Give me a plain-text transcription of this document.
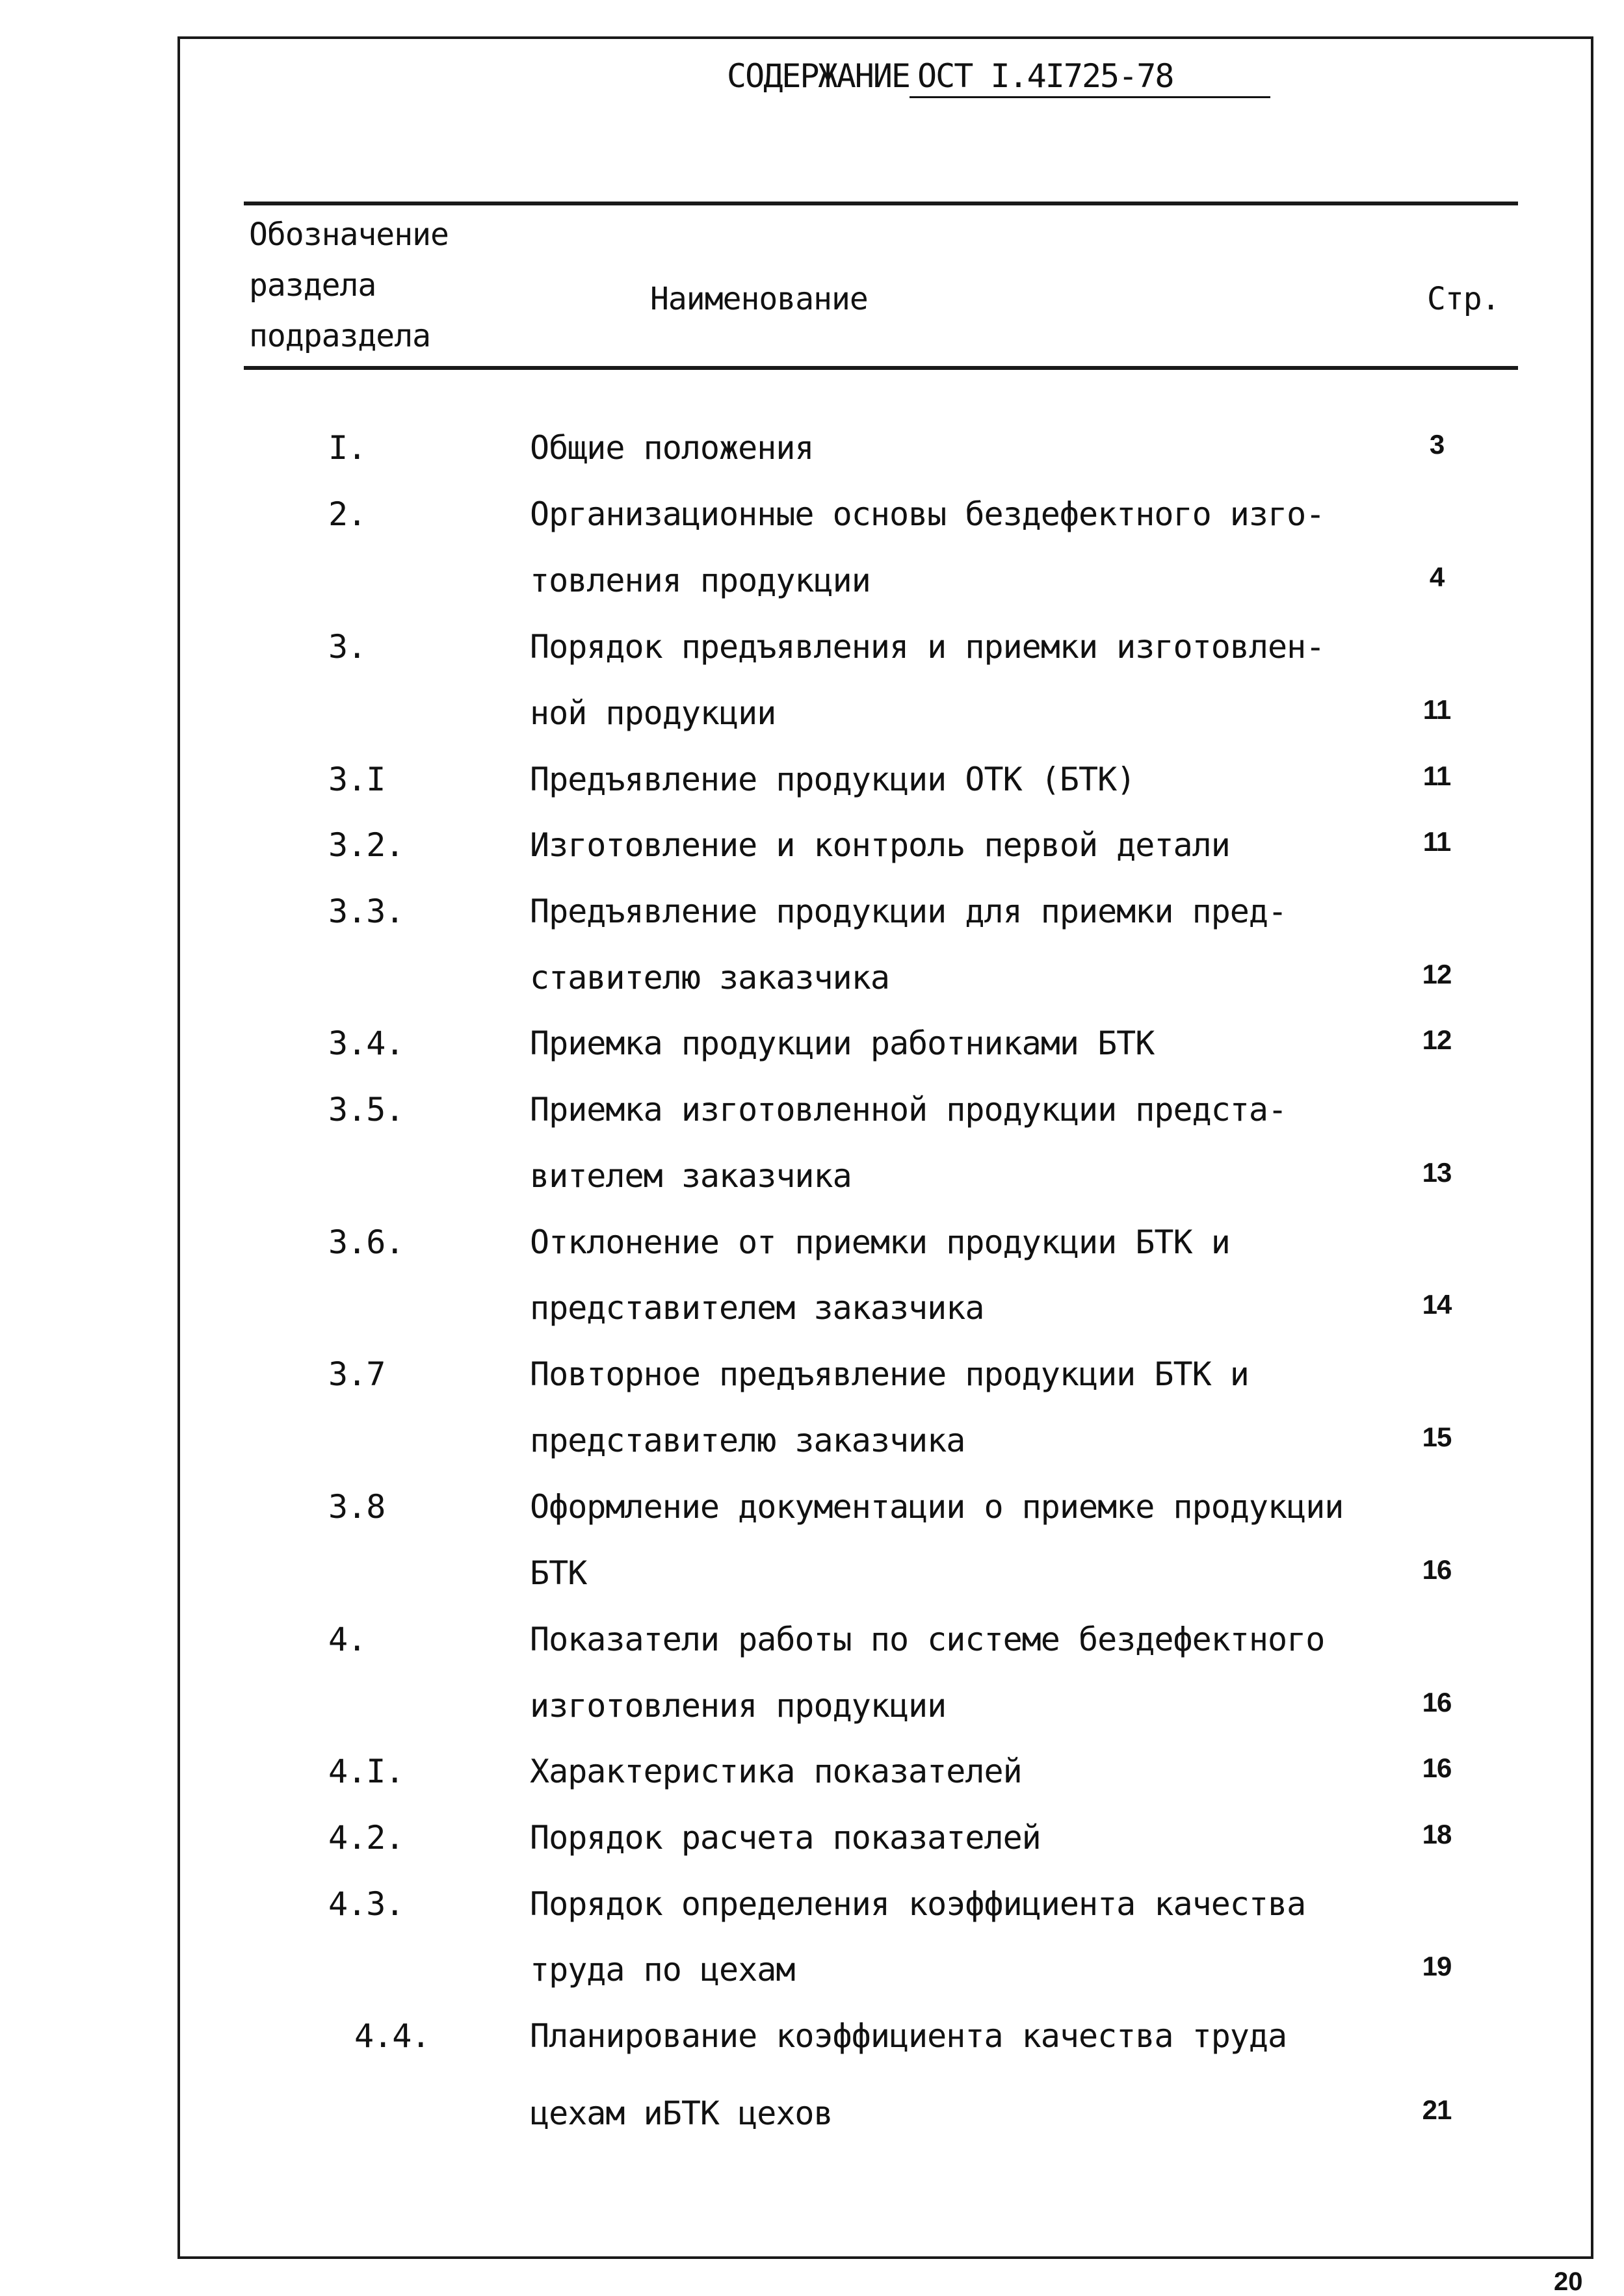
СОДЕРЖАНИЕ ОСТ I.4I725-78
Обозначение
раздела
подраздела
Наименование	Стр.
I.	Общие положения	3
2.	Организационные основы бездефектного изго-
товления продукции	4
3.	Порядок предъявления и приемки изготовлен-
ной продукции	11
3.I	Предъявление продукции ОТК (БТК)	11
3.2.	Изготовление и контроль первой детали	11
3.3.	Предъявление продукции для приемки пред-
ставителю заказчика	12
3.4.	Приемка продукции работниками БТК	12
3.5.	Приемка изготовленной продукции предста-
вителем заказчика	13
3.6.	Отклонение от приемки продукции БТК и
представителем заказчика	14
3.7	Повторное предъявление продукции БТК и
представителю заказчика	15
3.8	Оформление документации о приемке продукции
БТК	16
4.	Показатели работы по системе бездефектного
изготовления продукции	16
4.I.	Характеристика показателей	16
4.2.	Порядок расчета показателей	18
4.3.	Порядок определения коэффициента качества
труда по цехам	19
4.4.	Планирование коэффициента качества труда
цехам иБТК цехов	21
20
